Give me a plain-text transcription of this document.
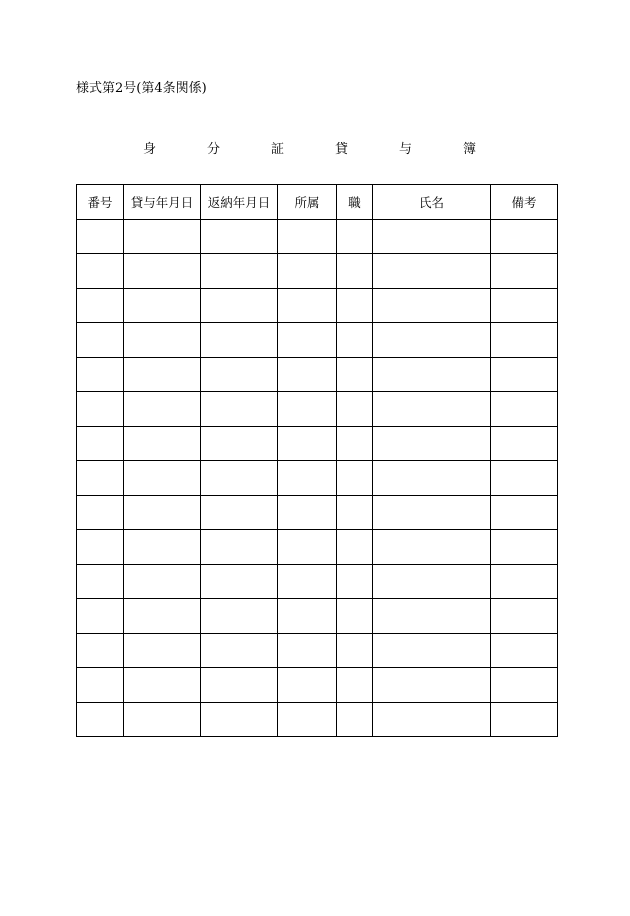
様式第2号(第4条関係)
身　分　証　貸　与　簿
番号	貸与年月日	返納年月日	所属	職	氏名	備考
